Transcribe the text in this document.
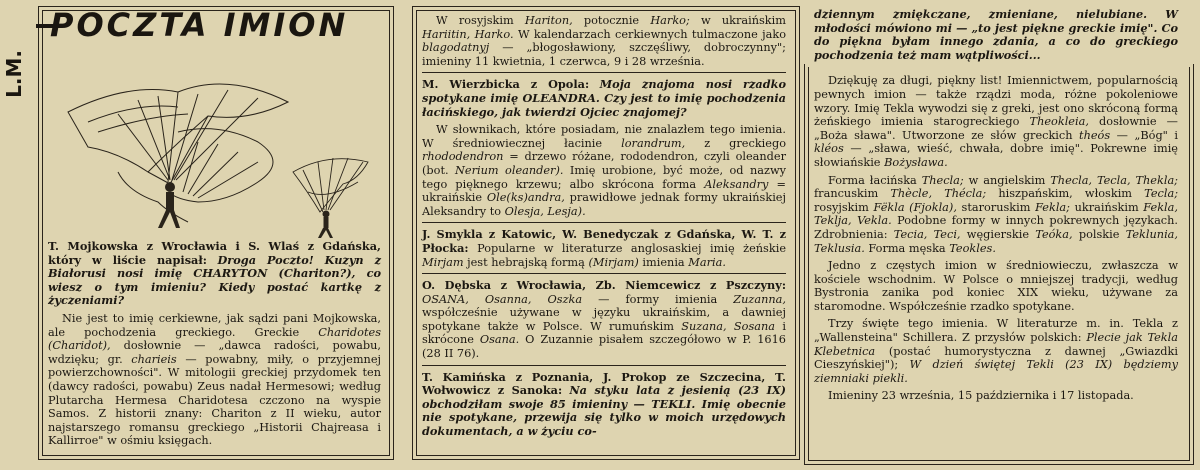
POCZTA IMION
L.M.

T. Mojkowska z Wrocławia i S. Wlaś z Gdańska, który w liście napisał: Droga Poczto! Kuzyn z Białorusi nosi imię CHARYTON (Chariton?), co wiesz o tym imieniu? Kiedy postać kartkę z życzeniami?

Nie jest to imię cerkiewne, jak sądzi pani Mojkowska, ale pochodzenia greckiego. Greckie Charidotes (Charidot), dosłownie — „dawca radości, powabu, wdzięku; gr. charieis — powabny, miły, o przyjemnej powierzchowności". W mitologii greckiej przydomek ten (dawcy radości, powabu) Zeus nadał Hermesowi; według Plutarcha Hermesa Charidotesa czczono na wyspie Samos. Z historii znany: Chariton z II wieku, autor najstarszego romansu greckiego „Historii Chajreasa i Kallirroe" w ośmiu księgach.

W rosyjskim Hariton, potocznie Harko; w ukraińskim Hariitin, Harko. W kalendarzach cerkiewnych tulmaczone jako blagodatnyj — „błogosławiony, szczęśliwy, dobroczynny"; imieniny 11 kwietnia, 1 czerwca, 9 i 28 września.

M. Wierzbicka z Opola: Moja znajoma nosi rzadko spotykane imię OLEANDRA. Czy jest to imię pochodzenia łacińskiego, jak twierdzi Ojciec znajomej?

W słownikach, które posiadam, nie znalazłem tego imienia. W średniowiecznej łacinie lorandrum, z greckiego rhododendron = drzewo różane, rododendron, czyli oleander (bot. Nerium oleander). Imię urobione, być może, od nazwy tego pięknego krzewu; albo skrócona forma Aleksandry = ukraińskie Ole(ks)andra, prawidłowe jednak formy ukraińskiej Aleksandry to Olesja, Lesja).

J. Smykla z Katowic, W. Benedyczak z Gdańska, W. T. z Płocka: Popularne w literaturze anglosaskiej imię żeńskie Mirjam jest hebrajską formą (Mirjam) imienia Maria.

O. Dębska z Wrocławia, Zb. Niemcewicz z Pszczyny: OSANA, Osanna, Oszka — formy imienia Zuzanna, współcześnie używane w języku ukraińskim, a dawniej spotykane także w Polsce. W rumuńskim Suzana, Sosana i skrócone Osana. O Zuzannie pisałem szczegółowo w P. 1616 (28 II 76).

T. Kamińska z Poznania, J. Prokop ze Szczecina, T. Wołwowicz z Sanoka: Na styku lata z jesienią (23 IX) obchodziłam swoje 85 imieniny — TEKLI. Imię obecnie nie spotykane, przewija się tylko w moich urzędowych dokumentach, a w życiu co-

dziennym zmiękczane, zmieniane, nielubiane. W młodości mówiono mi — „to jest piękne greckie imię". Co do piękna byłam innego zdania, a co do greckiego pochodzenia też mam wątpliwości...

Dziękuję za długi, piękny list! Imiennictwem, popularnością pewnych imion — także rządzi moda, różne pokoleniowe wzory. Imię Tekla wywodzi się z greki, jest ono skróconą formą żeńskiego imienia starogreckiego Theokleia, dosłownie — „Boża sława". Utworzone ze słów greckich theós — „Bóg" i kléos — „sława, wieść, chwała, dobre imię". Pokrewne imię słowiańskie Bożysława.

Forma łacińska Thecla; w angielskim Thecla, Tecla, Thekla; francuskim Thècle, Thécla; hiszpańskim, włoskim Tecla; rosyjskim Fëkla (Fjokla), staroruskim Fekla; ukraińskim Fekla, Teklja, Vekla. Podobne formy w innych pokrewnych językach. Zdrobnienia: Tecia, Teci, węgierskie Teóka, polskie Teklunia, Teklusia. Forma męska Teokles.

Jedno z częstych imion w średniowieczu, zwłaszcza w kościele wschodnim. W Polsce o mniejszej tradycji, według Bystronia zanika pod koniec XIX wieku, używane za staromodne. Współcześnie rzadko spotykane.

Trzy święte tego imienia. W literaturze m. in. Tekla z „Wallensteina" Schillera. Z przysłów polskich: Plecie jak Tekla Klebetnica (postać humorystyczna z dawnej „Gwiazdki Cieszyńskiej"); W dzień świętej Tekli (23 IX) będziemy ziemniaki piekli.

Imieniny 23 września, 15 października i 17 listopada.
